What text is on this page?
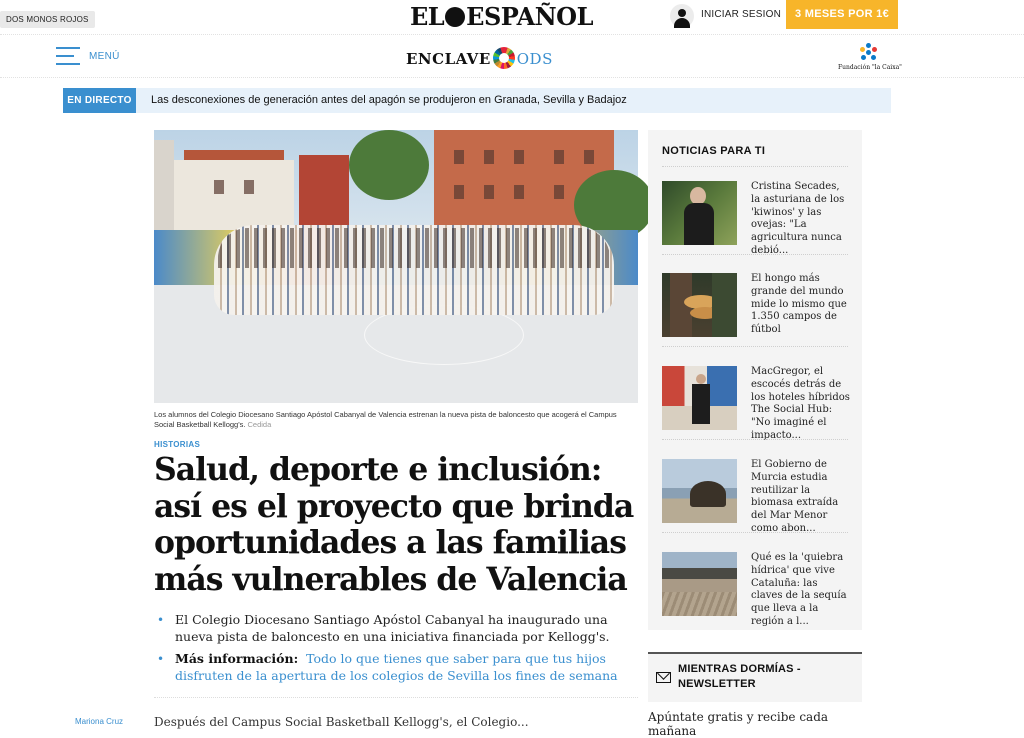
DOS MONOS ROJOS	EL ESPAÑOL	INICIAR SESION	3 MESES POR 1€
MENÚ	ENCLAVE ODS	Fundación "la Caixa"
EN DIRECTO	Las desconexiones de generación antes del apagón se produjeron en Granada, Sevilla y Badajoz
Los alumnos del Colegio Diocesano Santiago Apóstol Cabanyal de Valencia estrenan la nueva pista de baloncesto que acogerá el Campus Social Basketball Kellogg's. Cedida
HISTORIAS
Salud, deporte e inclusión: así es el proyecto que brinda oportunidades a las familias más vulnerables de Valencia
• El Colegio Diocesano Santiago Apóstol Cabanyal ha inaugurado una nueva pista de baloncesto en una iniciativa financiada por Kellogg's.
• Más información: Todo lo que tienes que saber para que tus hijos disfruten de la apertura de los colegios de Sevilla los fines de semana
Mariona Cruz	Después del Campus Social Basketball Kellogg's, el Colegio...
NOTICIAS PARA TI
Cristina Secades, la asturiana de los 'kiwinos' y las ovejas: "La agricultura nunca debió...
El hongo más grande del mundo mide lo mismo que 1.350 campos de fútbol
MacGregor, el escocés detrás de los hoteles híbridos The Social Hub: "No imaginé el impacto...
El Gobierno de Murcia estudia reutilizar la biomasa extraída del Mar Menor como abon...
Qué es la 'quiebra hídrica' que vive Cataluña: las claves de la sequía que lleva a la región a l...
MIENTRAS DORMÍAS - NEWSLETTER
Apúntate gratis y recibe cada mañana
